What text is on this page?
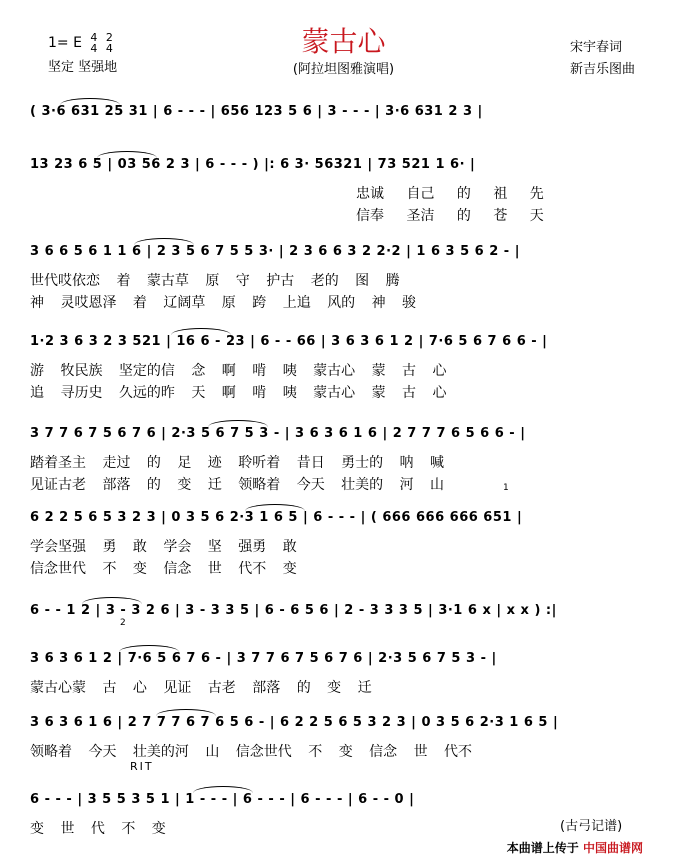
蒙古心
(阿拉坦图雅演唱)
1= E 4
4

2
4
坚定 坚强地
宋宇春词
新吉乐图曲
( 3·6 631 25 31 | 6 - - - | 656 123 5 6 | 3 - - - | 3·6 631 2 3 |
13 23 6 5 | 03 56 2 3 | 6 - - - ) |: 6 3· 56321 | 73 521 1 6· |
忠诚 自己 的 祖 先
信奉 圣洁 的 苍 天
3 6 6 5 6 1 1 6 | 2 3 5 6 7 5 5 3· | 2 3 6 6 3 2 2·2 | 1 6 3 5 6 2 - |
世代哎依恋 着 蒙古草 原 守 护古 老的 图 腾
神 灵哎恩泽 着 辽阔草 原 跨 上追 风的 神 骏
1·2 3 6 3 2 3 521 | 16 6 - 23 | 6 - - 66 | 3 6 3 6 1 2 | 7·6 5 6 7 6 6 - |
游 牧民族 坚定的信 念 啊 啃 咦 蒙古心 蒙 古 心
追 寻历史 久远的昨 天 啊 啃 咦 蒙古心 蒙 古 心
3 7 7 6 7 5 6 7 6 | 2·3 5 6 7 5 3 - | 3 6 3 6 1 6 | 2 7 7 7 6 5 6 6 - |
踏着圣主 走过 的 足 迹 聆听着 昔日 勇士的 呐 喊
见证古老 部落 的 变 迁 领略着 今天 壮美的 河 山
6 2 2 5 6 5 3 2 3 | 0 3 5 6 2·3 1 6 5 | 6 - - - | ( 666 666 666 651 |
学会坚强 勇 敢 学会 坚 强勇 敢
信念世代 不 变 信念 世 代不 变
6 - - 1 2 | 3 - 3 2 6 | 3 - 3 3 5 | 6 - 6 5 6 | 2 - 3 3 3 5 | 3·1 6 x | x x ) :|
3 6 3 6 1 2 | 7·6 5 6 7 6 - | 3 7 7 6 7 5 6 7 6 | 2·3 5 6 7 5 3 - |
蒙古心蒙 古 心 见证 古老 部落 的 变 迁
3 6 3 6 1 6 | 2 7 7 7 6 7 6 5 6 - | 6 2 2 5 6 5 3 2 3 | 0 3 5 6 2·3 1 6 5 |
领略着 今天 壮美的河 山 信念世代 不 变 信念 世 代不
6 - - - | 3 5 5 3 5 1 | 1 - - - | 6 - - - | 6 - - - | 6 - - 0 |
变 世 代 不 变
RIT
1
2
(古弓记谱)
本曲谱上传于 中国曲谱网
